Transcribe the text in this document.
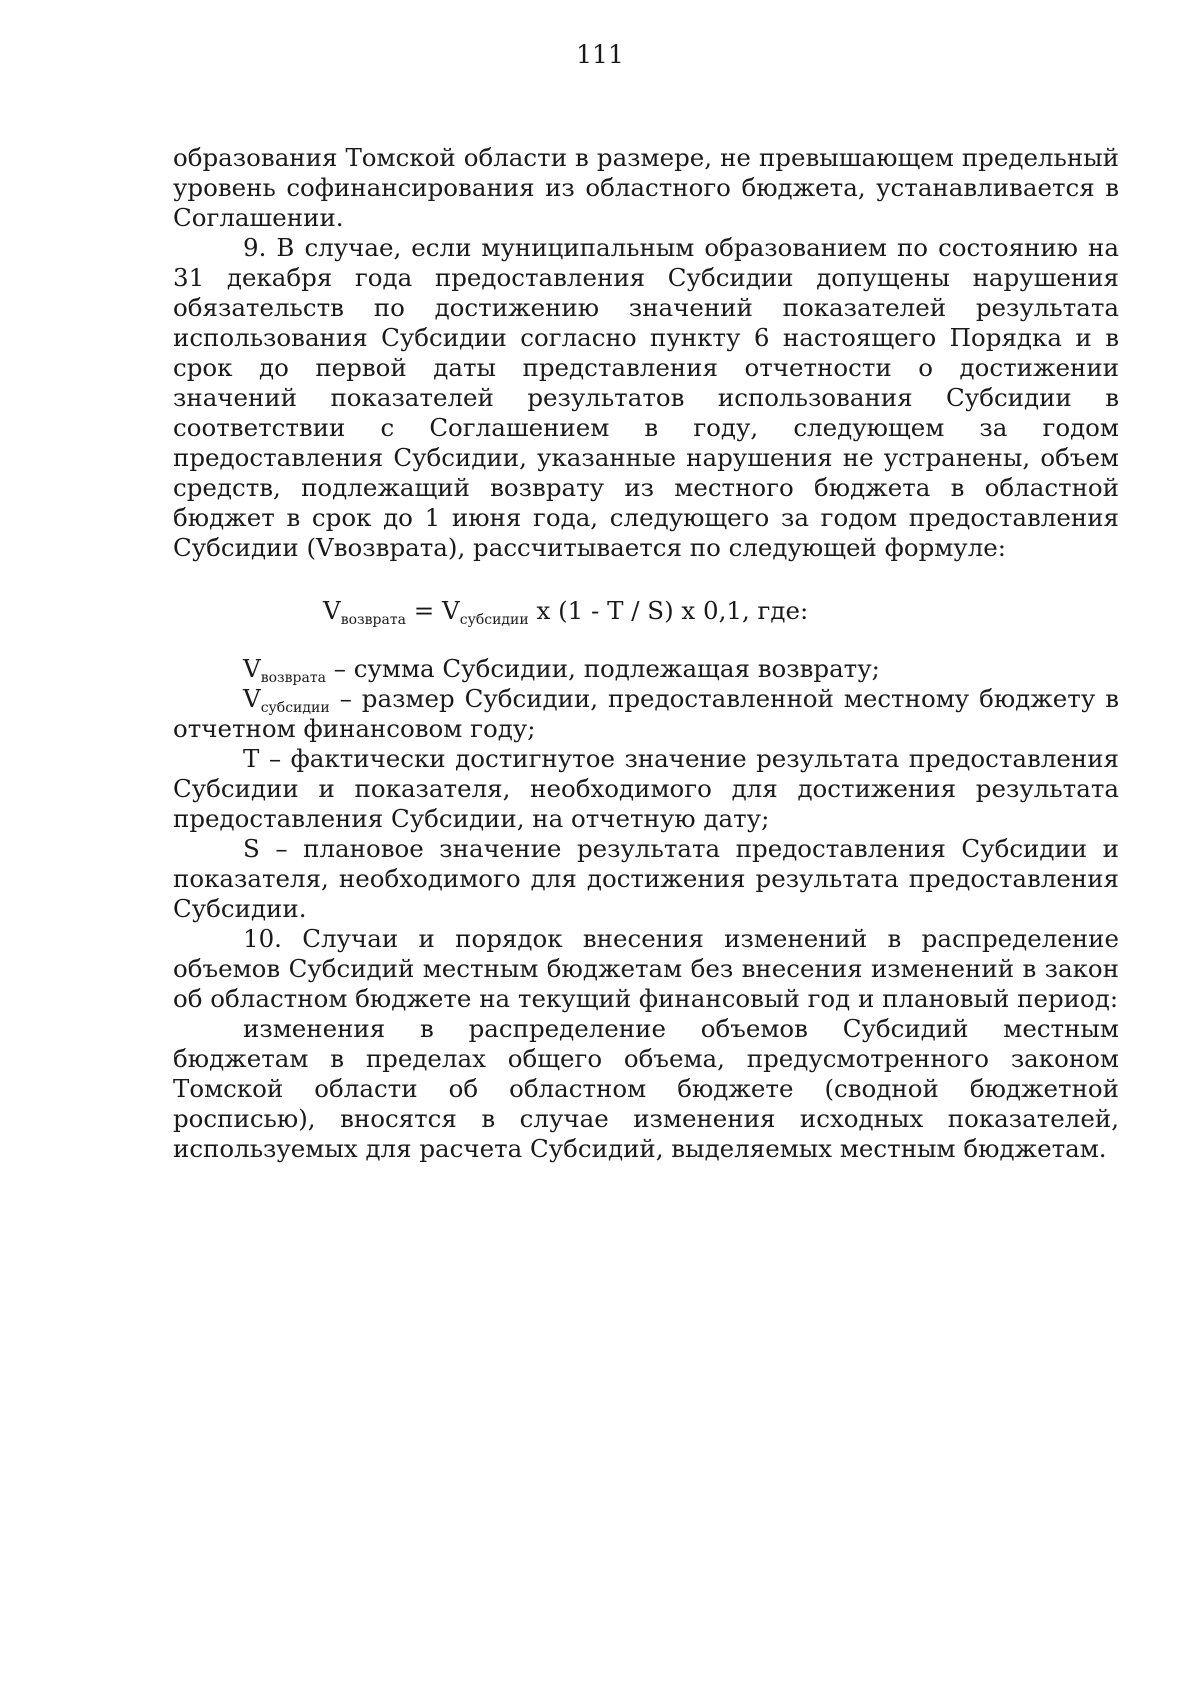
111

образования Томской области в размере, не превышающем предельный уровень софинансирования из областного бюджета, устанавливается в Соглашении.

9. В случае, если муниципальным образованием по состоянию на 31 декабря года предоставления Субсидии допущены нарушения обязательств по достижению значений показателей результата использования Субсидии согласно пункту 6 настоящего Порядка и в срок до первой даты представления отчетности о достижении значений показателей результатов использования Субсидии в соответствии с Соглашением в году, следующем за годом предоставления Субсидии, указанные нарушения не устранены, объем средств, подлежащий возврату из местного бюджета в областной бюджет в срок до 1 июня года, следующего за годом предоставления Субсидии (Vвозврата), рассчитывается по следующей формуле:

$V_{возврата} = V_{субсидии}$ x (1 - T / S) x 0,1, где:

$V_{возврата}$ – сумма Субсидии, подлежащая возврату;

$V_{субсидии}$ – размер Субсидии, предоставленной местному бюджету в отчетном финансовом году;

T – фактически достигнутое значение результата предоставления Субсидии и показателя, необходимого для достижения результата предоставления Субсидии, на отчетную дату;

S – плановое значение результата предоставления Субсидии и показателя, необходимого для достижения результата предоставления Субсидии.

10. Случаи и порядок внесения изменений в распределение объемов Субсидий местным бюджетам без внесения изменений в закон об областном бюджете на текущий финансовый год и плановый период:

изменения в распределение объемов Субсидий местным бюджетам в пределах общего объема, предусмотренного законом Томской области об областном бюджете (сводной бюджетной росписью), вносятся в случае изменения исходных показателей, используемых для расчета Субсидий, выделяемых местным бюджетам.
